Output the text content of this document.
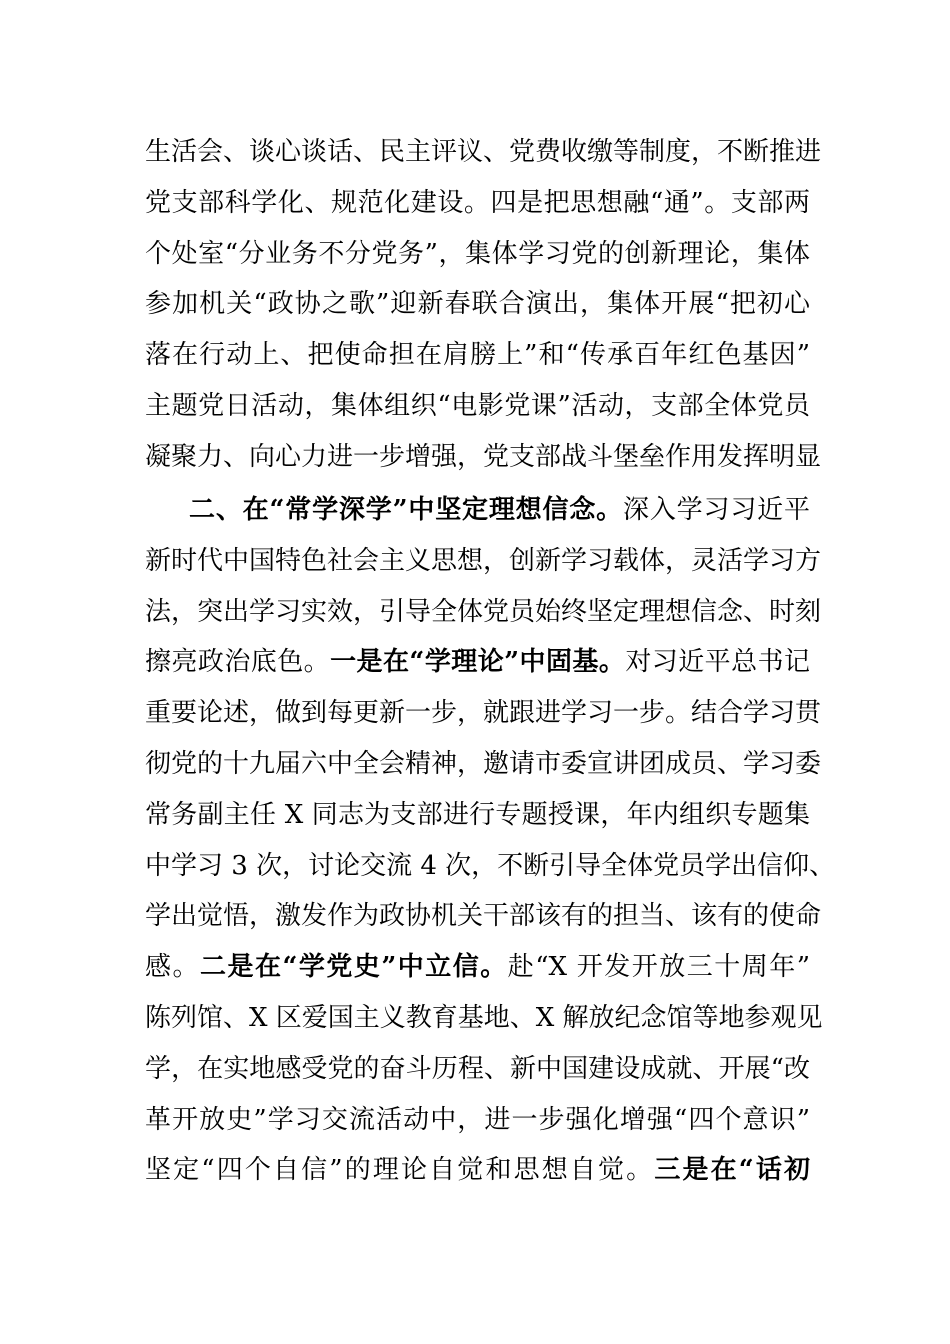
生活会、谈心谈话、民主评议、党费收缴等制度，不断推进
党支部科学化、规范化建设。四是把思想融“通”。支部两
个处室“分业务不分党务”，集体学习党的创新理论，集体
参加机关“政协之歌”迎新春联合演出，集体开展“把初心
落在行动上、把使命担在肩膀上”和“传承百年红色基因”
主题党日活动，集体组织“电影党课”活动，支部全体党员
凝聚力、向心力进一步增强，党支部战斗堡垒作用发挥明显
二、在“常学深学”中坚定理想信念。深入学习习近平
新时代中国特色社会主义思想，创新学习载体，灵活学习方
法，突出学习实效，引导全体党员始终坚定理想信念、时刻
擦亮政治底色。一是在“学理论”中固基。对习近平总书记
重要论述，做到每更新一步，就跟进学习一步。结合学习贯
彻党的十九届六中全会精神，邀请市委宣讲团成员、学习委
常务副主任 X 同志为支部进行专题授课，年内组织专题集
中学习 3 次，讨论交流 4 次，不断引导全体党员学出信仰、
学出觉悟，激发作为政协机关干部该有的担当、该有的使命
感。二是在“学党史”中立信。赴“X 开发开放三十周年”
陈列馆、X 区爱国主义教育基地、X 解放纪念馆等地参观见
学，在实地感受党的奋斗历程、新中国建设成就、开展“改
革开放史”学习交流活动中，进一步强化增强“四个意识”
坚定“四个自信”的理论自觉和思想自觉。三是在“话初
